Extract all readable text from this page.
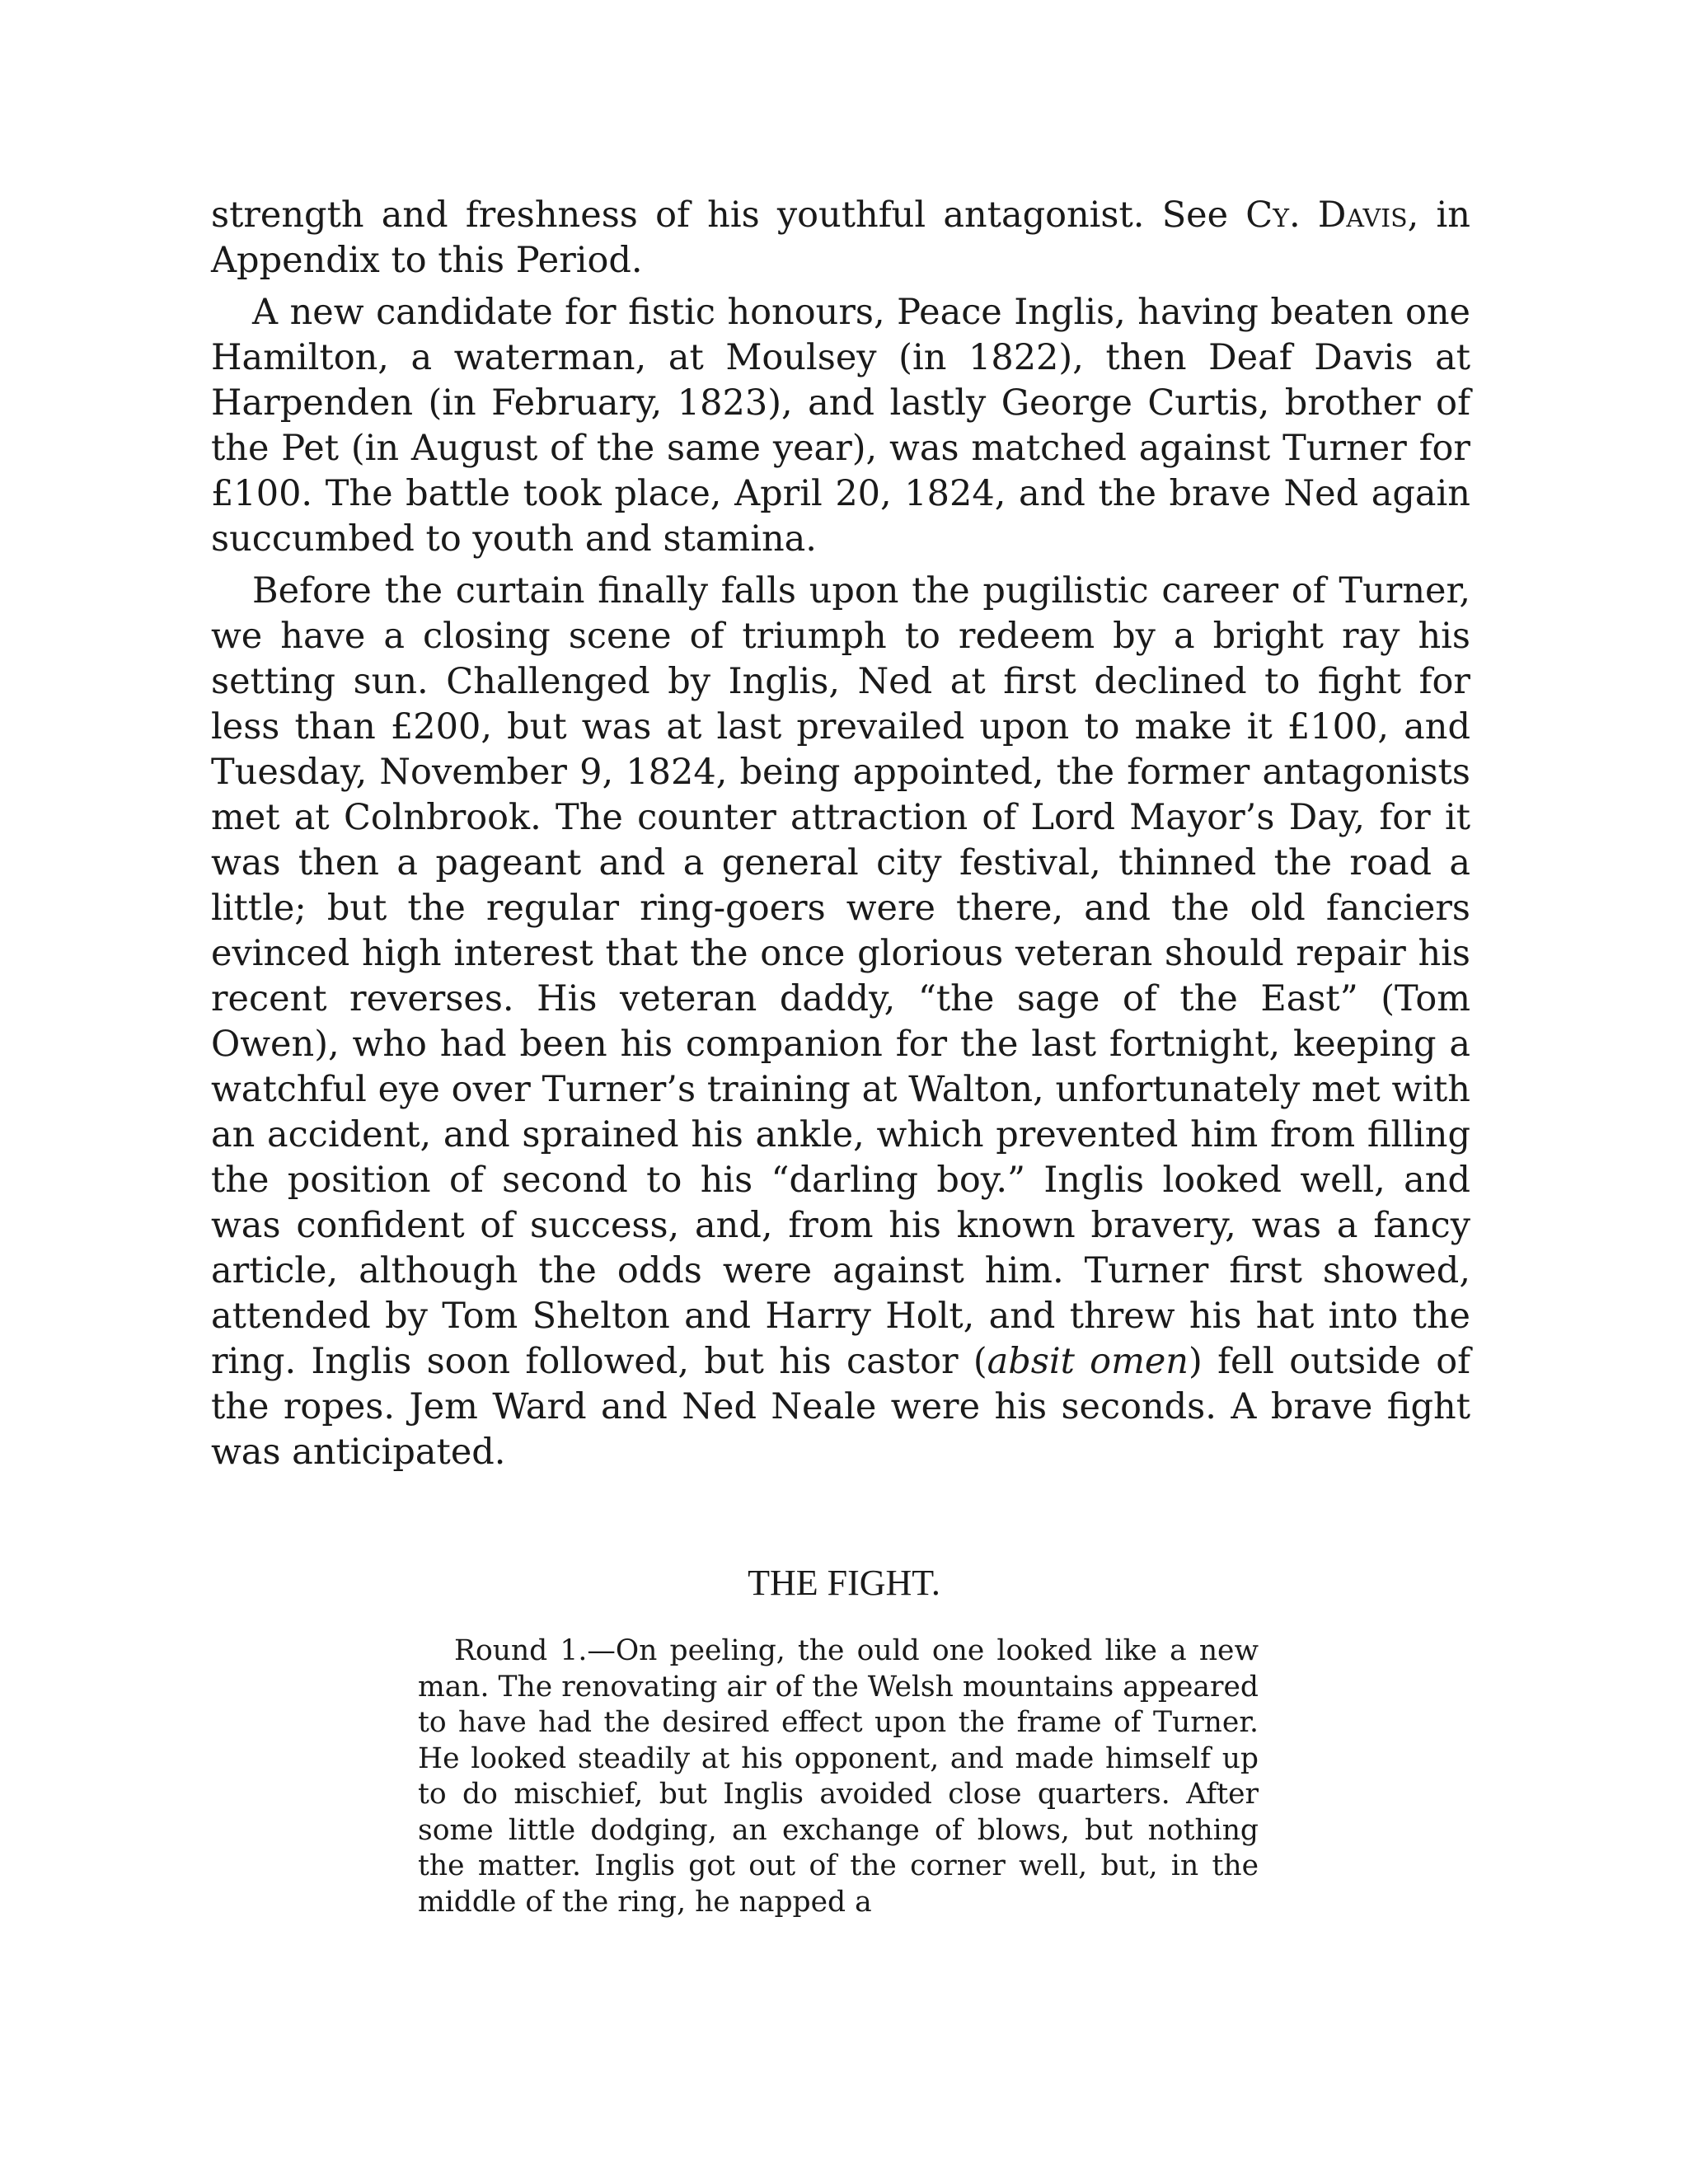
strength and freshness of his youthful antagonist. See Cy. Davis, in Appendix to this Period.

A new candidate for fistic honours, Peace Inglis, having beaten one Hamilton, a waterman, at Moulsey (in 1822), then Deaf Davis at Harpenden (in February, 1823), and lastly George Curtis, brother of the Pet (in August of the same year), was matched against Turner for £100. The battle took place, April 20, 1824, and the brave Ned again succumbed to youth and stamina.

Before the curtain finally falls upon the pugilistic career of Turner, we have a closing scene of triumph to redeem by a bright ray his setting sun. Challenged by Inglis, Ned at first declined to fight for less than £200, but was at last prevailed upon to make it £100, and Tuesday, November 9, 1824, being appointed, the former antagonists met at Colnbrook. The counter attraction of Lord Mayor’s Day, for it was then a pageant and a general city festival, thinned the road a little; but the regular ring-goers were there, and the old fanciers evinced high interest that the once glorious veteran should repair his recent reverses. His veteran daddy, “the sage of the East” (Tom Owen), who had been his companion for the last fortnight, keeping a watchful eye over Turner’s training at Walton, unfortunately met with an accident, and sprained his ankle, which prevented him from filling the position of second to his “darling boy.” Inglis looked well, and was confident of success, and, from his known bravery, was a fancy article, although the odds were against him. Turner first showed, attended by Tom Shelton and Harry Holt, and threw his hat into the ring. Inglis soon followed, but his castor (absit omen) fell outside of the ropes. Jem Ward and Ned Neale were his seconds. A brave fight was anticipated.

THE FIGHT.

Round 1.—On peeling, the ould one looked like a new man. The renovating air of the Welsh mountains appeared to have had the desired effect upon the frame of Turner. He looked steadily at his opponent, and made himself up to do mischief, but Inglis avoided close quarters. After some little dodging, an exchange of blows, but nothing the matter. Inglis got out of the corner well, but, in the middle of the ring, he napped a
